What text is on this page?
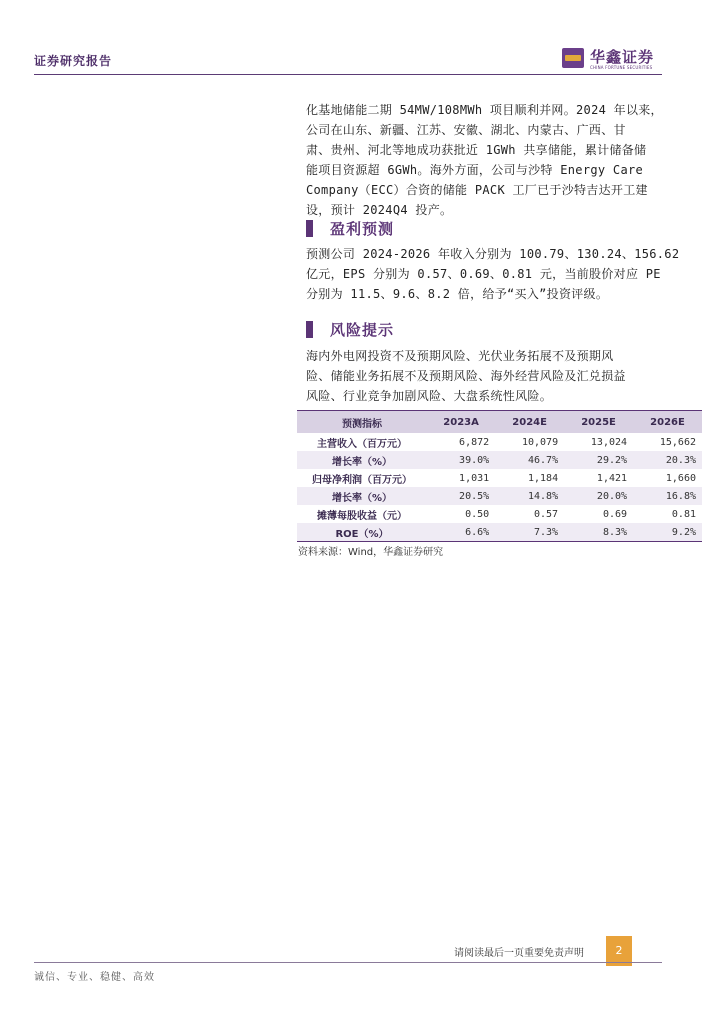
证券研究报告	华鑫证券
CHINA FORTUNE SECURITIES
化基地储能二期 54MW/108MWh 项目顺利并网。2024 年以来，
公司在山东、新疆、江苏、安徽、湖北、内蒙古、广西、甘
肃、贵州、河北等地成功获批近 1GWh 共享储能，累计储备储
能项目资源超 6GWh。海外方面，公司与沙特 Energy Care
Company（ECC）合资的储能 PACK 工厂已于沙特吉达开工建
设，预计 2024Q4 投产。
盈利预测
预测公司 2024-2026 年收入分别为 100.79、130.24、156.62
亿元，EPS 分别为 0.57、0.69、0.81 元，当前股价对应 PE
分别为 11.5、9.6、8.2 倍，给予“买入”投资评级。
风险提示
海内外电网投资不及预期风险、光伏业务拓展不及预期风
险、储能业务拓展不及预期风险、海外经营风险及汇兑损益
风险、行业竞争加剧风险、大盘系统性风险。
预测指标	2023A	2024E	2025E	2026E
主营收入（百万元）	6,872	10,079	13,024	15,662
增长率（%）	39.0%	46.7%	29.2%	20.3%
归母净利润（百万元）	1,031	1,184	1,421	1,660
增长率（%）	20.5%	14.8%	20.0%	16.8%
摊薄每股收益（元）	0.50	0.57	0.69	0.81
ROE（%）	6.6%	7.3%	8.3%	9.2%
资料来源：Wind，华鑫证券研究
请阅读最后一页重要免责声明	2
诚信、专业、稳健、高效
